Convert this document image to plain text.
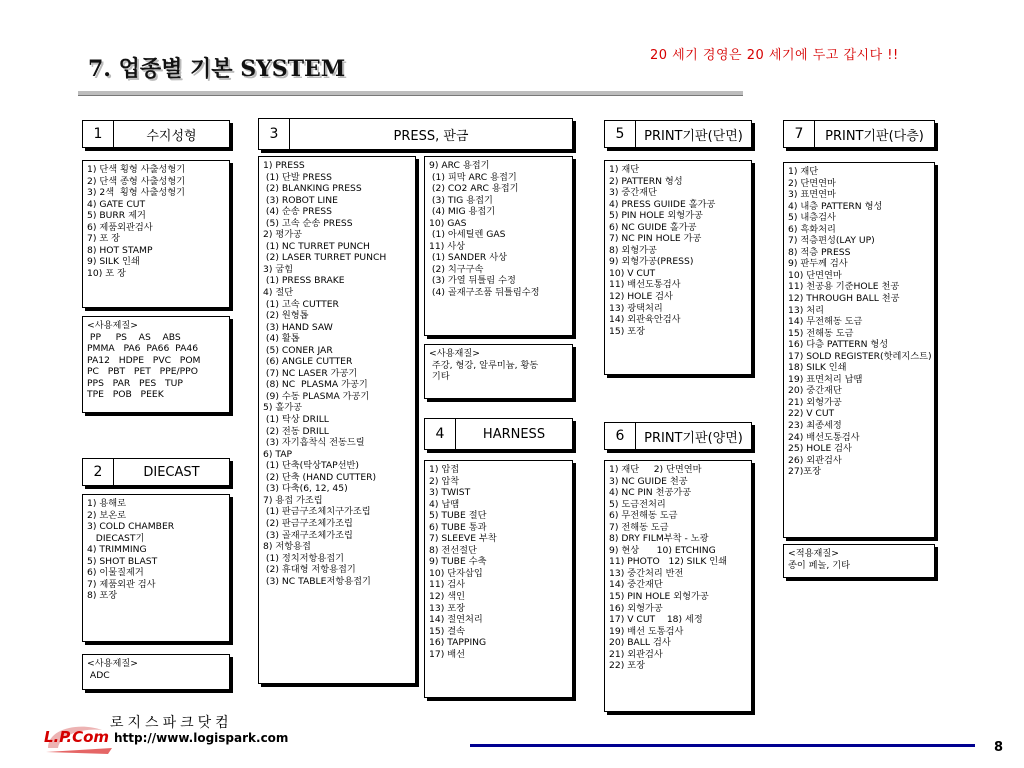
7. 업종별 기본 SYSTEM
20 세기 경영은 20 세기에 두고 갑시다 !!
1	수지성형
1) 단색 횡형 사출성형기
2) 단색 종형 사출성형기
3) 2색  횡형 사출성형기
4) GATE CUT
5) BURR 제거
6) 제품외관검사
7) 포 장
8) HOT STAMP
9) SILK 인쇄
10) 포 장
<사용제질>
PP     PS    AS    ABS
PMMA   PA6  PA66  PA46
PA12   HDPE   PVC   POM
PC   PBT   PET   PPE/PPO
PPS   PAR   PES   TUP
TPE   POB   PEEK
2	DIECAST
1) 용해로
2) 보온로
3) COLD CHAMBER
DIECAST기
4) TRIMMING
5) SHOT BLAST
6) 이물질제거
7) 제품외관 검사
8) 포장
<사용제질>
ADC
3	PRESS, 판금
1) PRESS
(1) 단발 PRESS
(2) BLANKING PRESS
(3) ROBOT LINE
(4) 순송 PRESS
(5) 고속 순송 PRESS
2) 평가공
(1) NC TURRET PUNCH
(2) LASER TURRET PUNCH
3) 굽힘
(1) PRESS BRAKE
4) 절단
(1) 고속 CUTTER
(2) 원형톱
(3) HAND SAW
(4) 활톱
(5) CONER JAR
(6) ANGLE CUTTER
(7) NC LASER 가공기
(8) NC  PLASMA 가공기
(9) 수동 PLASMA 가공기
5) 홀가공
(1) 탁상 DRILL
(2) 전동 DRILL
(3) 자기흡착식 전동드릴
6) TAP
(1) 단축(탁상TAP선반)
(2) 단축 (HAND CUTTER)
(3) 다축(6, 12, 45)
7) 용접 가조립
(1) 판금구조체치구가조립
(2) 판금구조체가조립
(3) 골재구조체가조립
8) 저항용접
(1) 정치저항용접기
(2) 휴대형 저항용접기
(3) NC TABLE저항용접기
9) ARC 용접기
(1) 피막 ARC 용접기
(2) CO2 ARC 용접기
(3) TIG 용접기
(4) MIG 용접기
10) GAS
(1) 아세틸렌 GAS
11) 사상
(1) SANDER 사상
(2) 치구구속
(3) 가열 뒤틀림 수정
(4) 골재구조품 뒤틀림수정
<사용재질>
주강, 형강, 알루미늄, 황동
기타
4	HARNESS
1) 압접
2) 압착
3) TWIST
4) 납땜
5) TUBE 절단
6) TUBE 통과
7) SLEEVE 부착
8) 전선절단
9) TUBE 수축
10) 단자삽입
11) 검사
12) 색인
13) 포장
14) 절연처리
15) 결속
16) TAPPING
17) 배선
5	PRINT기판(단면)
1) 재단
2) PATTERN 형성
3) 중간재단
4) PRESS GUIIDE 홀가공
5) PIN HOLE 외형가공
6) NC GUIDE 홀가공
7) NC PIN HOLE 가공
8) 외형가공
9) 외형가공(PRESS)
10) V CUT
11) 배선도통검사
12) HOLE 검사
13) 광택처리
14) 외관육안검사
15) 포장
6	PRINT기판(양면)
1) 재단     2) 단면연마
3) NC GUIDE 천공
4) NC PIN 천공가공
5) 도금전처리
6) 무전해동 도금
7) 전해동 도금
8) DRY FILM부착 - 노광
9) 현상      10) ETCHING
11) PHOTO   12) SILK 인쇄
13) 중간처리 반전
14) 중간재단
15) PIN HOLE 외형가공
16) 외형가공
17) V CUT    18) 세정
19) 배선 도통검사
20) BALL 검사
21) 외관검사
22) 포장
7	PRINT기판(다층)
1) 재단
2) 단면연마
3) 표면연마
4) 내층 PATTERN 형성
5) 내층검사
6) 흑화처리
7) 적층편성(LAY UP)
8) 적층 PRESS
9) 판두께 검사
10) 단면연마
11) 천공용 기준HOLE 천공
12) THROUGH BALL 천공
13) 처리
14) 무전해동 도금
15) 전해동 도금
16) 다층 PATTERN 형성
17) SOLD REGISTER(핫레지스트)
18) SILK 인쇄
19) 표면처리 납땜
20) 중간재단
21) 외형가공
22) V CUT
23) 최종세정
24) 배선도통검사
25) HOLE 검사
26) 외관검사
27)포장
<적용재질>
종이 페놀, 기타
L.P.Com
로지스파크닷컴
http://www.logispark.com
8
